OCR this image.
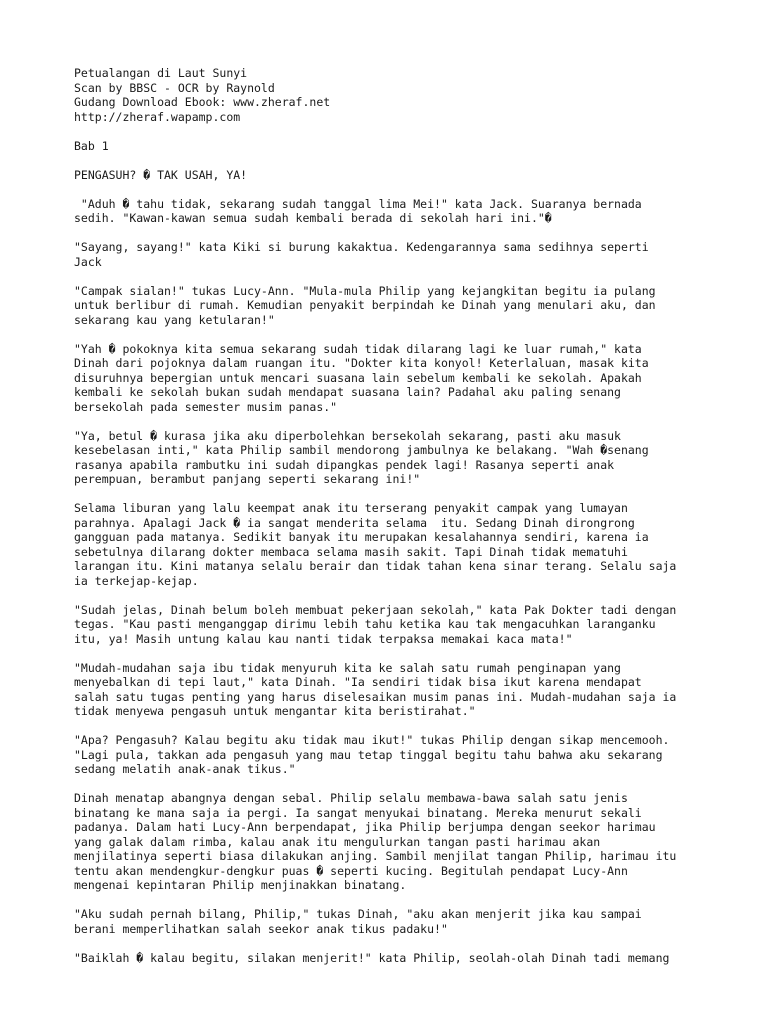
Petualangan di Laut Sunyi
Scan by BBSC - OCR by Raynold
Gudang Download Ebook: www.zheraf.net
http://zheraf.wapamp.com
Bab 1
PENGASUH? � TAK USAH, YA!
"Aduh � tahu tidak, sekarang sudah tanggal lima Mei!" kata Jack. Suaranya bernada
sedih. "Kawan-kawan semua sudah kembali berada di sekolah hari ini."�
"Sayang, sayang!" kata Kiki si burung kakaktua. Kedengarannya sama sedihnya seperti
Jack
"Campak sialan!" tukas Lucy-Ann. "Mula-mula Philip yang kejangkitan begitu ia pulang
untuk berlibur di rumah. Kemudian penyakit berpindah ke Dinah yang menulari aku, dan
sekarang kau yang ketularan!"
"Yah � pokoknya kita semua sekarang sudah tidak dilarang lagi ke luar rumah," kata
Dinah dari pojoknya dalam ruangan itu. "Dokter kita konyol! Keterlaluan, masak kita
disuruhnya bepergian untuk mencari suasana lain sebelum kembali ke sekolah. Apakah
kembali ke sekolah bukan sudah mendapat suasana lain? Padahal aku paling senang
bersekolah pada semester musim panas."
"Ya, betul � kurasa jika aku diperbolehkan bersekolah sekarang, pasti aku masuk
kesebelasan inti," kata Philip sambil mendorong jambulnya ke belakang. "Wah �senang
rasanya apabila rambutku ini sudah dipangkas pendek lagi! Rasanya seperti anak
perempuan, berambut panjang seperti sekarang ini!"
Selama liburan yang lalu keempat anak itu terserang penyakit campak yang lumayan
parahnya. Apalagi Jack � ia sangat menderita selama  itu. Sedang Dinah dirongrong
gangguan pada matanya. Sedikit banyak itu merupakan kesalahannya sendiri, karena ia
sebetulnya dilarang dokter membaca selama masih sakit. Tapi Dinah tidak mematuhi
larangan itu. Kini matanya selalu berair dan tidak tahan kena sinar terang. Selalu saja
ia terkejap-kejap.
"Sudah jelas, Dinah belum boleh membuat pekerjaan sekolah," kata Pak Dokter tadi dengan
tegas. "Kau pasti menganggap dirimu lebih tahu ketika kau tak mengacuhkan laranganku
itu, ya! Masih untung kalau kau nanti tidak terpaksa memakai kaca mata!"
"Mudah-mudahan saja ibu tidak menyuruh kita ke salah satu rumah penginapan yang
menyebalkan di tepi laut," kata Dinah. "Ia sendiri tidak bisa ikut karena mendapat
salah satu tugas penting yang harus diselesaikan musim panas ini. Mudah-mudahan saja ia
tidak menyewa pengasuh untuk mengantar kita beristirahat."
"Apa? Pengasuh? Kalau begitu aku tidak mau ikut!" tukas Philip dengan sikap mencemooh.
"Lagi pula, takkan ada pengasuh yang mau tetap tinggal begitu tahu bahwa aku sekarang
sedang melatih anak-anak tikus."
Dinah menatap abangnya dengan sebal. Philip selalu membawa-bawa salah satu jenis
binatang ke mana saja ia pergi. Ia sangat menyukai binatang. Mereka menurut sekali
padanya. Dalam hati Lucy-Ann berpendapat, jika Philip berjumpa dengan seekor harimau
yang galak dalam rimba, kalau anak itu mengulurkan tangan pasti harimau akan
menjilatinya seperti biasa dilakukan anjing. Sambil menjilat tangan Philip, harimau itu
tentu akan mendengkur-dengkur puas � seperti kucing. Begitulah pendapat Lucy-Ann
mengenai kepintaran Philip menjinakkan binatang.
"Aku sudah pernah bilang, Philip," tukas Dinah, "aku akan menjerit jika kau sampai
berani memperlihatkan salah seekor anak tikus padaku!"
"Baiklah � kalau begitu, silakan menjerit!" kata Philip, seolah-olah Dinah tadi memang
